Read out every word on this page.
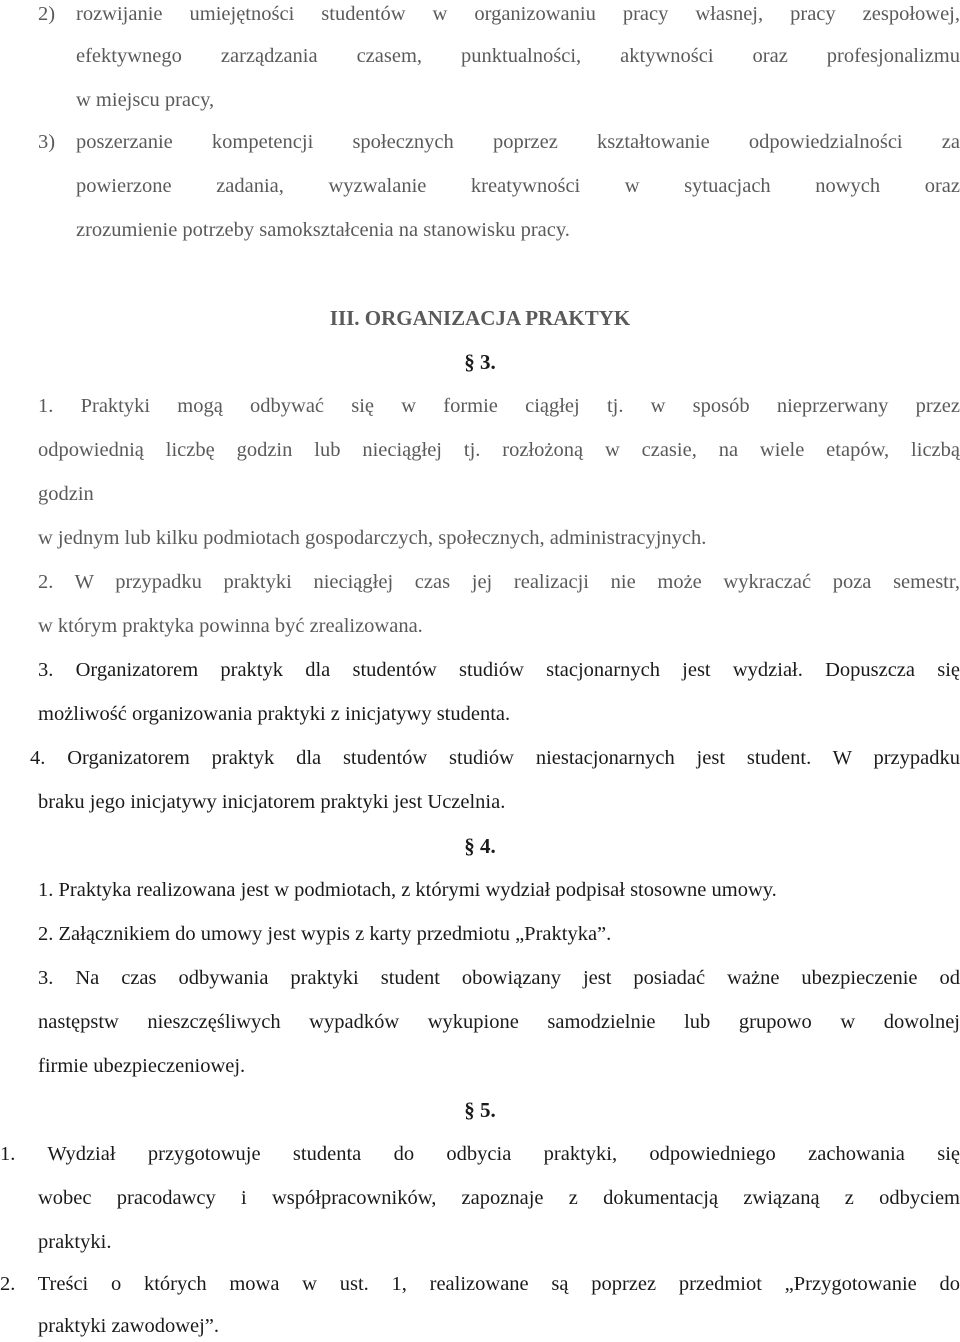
2) rozwijanie umiejętności studentów w organizowaniu pracy własnej, pracy zespołowej,
efektywnego zarządzania czasem, punktualności, aktywności oraz profesjonalizmu
w miejscu pracy,
3) poszerzanie kompetencji społecznych poprzez kształtowanie odpowiedzialności za
powierzone zadania, wyzwalanie kreatywności w sytuacjach nowych oraz
zrozumienie potrzeby samokształcenia na stanowisku pracy.
III. ORGANIZACJA PRAKTYK
§ 3.
1. Praktyki mogą odbywać się w formie ciągłej tj. w sposób nieprzerwany przez
odpowiednią liczbę godzin lub nieciągłej tj. rozłożoną w czasie, na wiele etapów, liczbą
godzin
w jednym lub kilku podmiotach gospodarczych, społecznych, administracyjnych.
2. W przypadku praktyki nieciągłej czas jej realizacji nie może wykraczać poza semestr,
w którym praktyka powinna być zrealizowana.
3. Organizatorem praktyk dla studentów studiów stacjonarnych jest wydział. Dopuszcza się
możliwość organizowania praktyki z inicjatywy studenta.
4. Organizatorem praktyk dla studentów studiów niestacjonarnych jest student. W przypadku
braku jego inicjatywy inicjatorem praktyki jest Uczelnia.
§ 4.
1. Praktyka realizowana jest w podmiotach, z którymi wydział podpisał stosowne umowy.
2. Załącznikiem do umowy jest wypis z karty przedmiotu „Praktyka”.
3. Na czas odbywania praktyki student obowiązany jest posiadać ważne ubezpieczenie od
następstw nieszczęśliwych wypadków wykupione samodzielnie lub grupowo w dowolnej
firmie ubezpieczeniowej.
§ 5.
1. Wydział przygotowuje studenta do odbycia praktyki, odpowiedniego zachowania się
wobec pracodawcy i współpracowników, zapoznaje z dokumentacją związaną z odbyciem
praktyki.
2. Treści o których mowa w ust. 1, realizowane są poprzez przedmiot „Przygotowanie do
praktyki zawodowej”.
